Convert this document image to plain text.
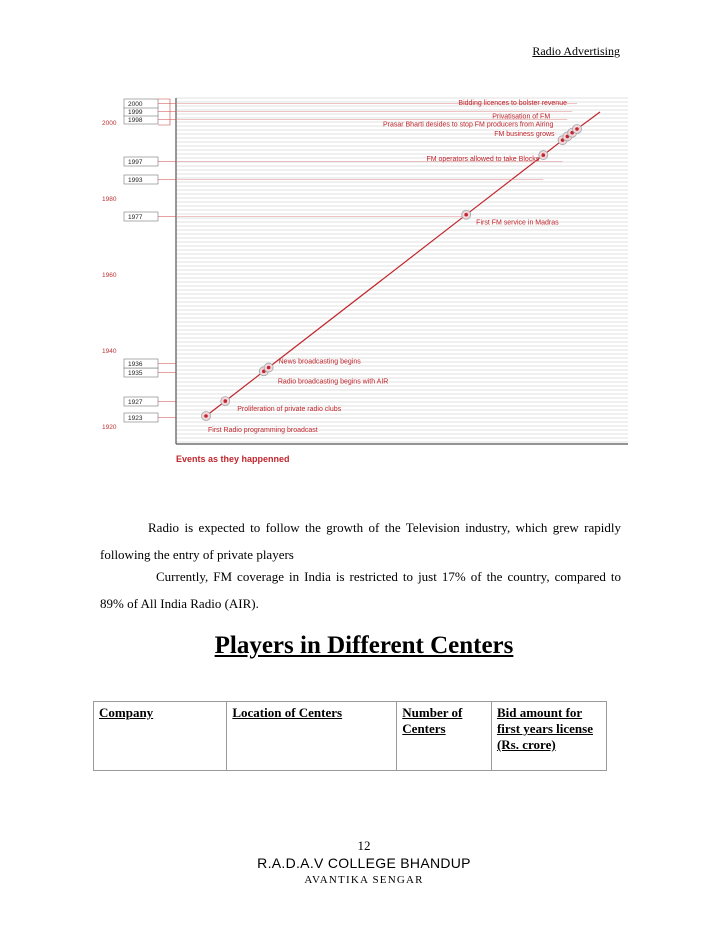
Radio Advertising
2000
1980
1960
1940
1920
1923
1927
1935
1936
1977
1993
1997
1998
1999
2000
First Radio programming broadcast
Proliferation of private radio clubs
Radio broadcasting begins with AIR
News broadcasting begins
First FM service in Madras
FM operators allowed to take Blocks
FM business grows
Prasar Bharti desides to stop FM producers from Airing
Privatisation of FM
Bidding licences to bolster revenue
Events as they happenned

Radio is expected to follow the growth of the Television industry, which grew rapidly following the entry of private players

Currently, FM coverage in India is restricted to just 17% of the country, compared to 89% of All India Radio (AIR).

Players in Different Centers
Company	Location of Centers	Number of Centers	Bid amount for first years license (Rs. crore)
12
R.A.D.A.V COLLEGE BHANDUP
AVANTIKA SENGAR
